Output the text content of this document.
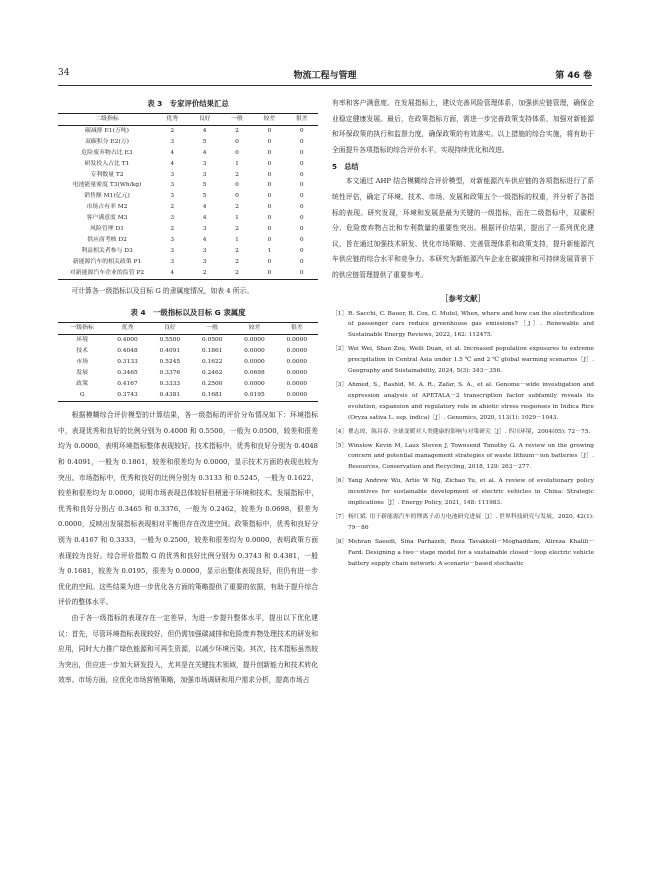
34	物流工程与管理	第 46 卷
表 3　专家评价结果汇总
二级指标	优秀	良好	一般	较差	很差
碳减排 E1(万吨)	2	4	2	0	0
双碳积分 E2(万)	3	5	0	0	0
危险废弃物占比 E3	4	4	0	0	0
研发投入占比 T1	4	3	1	0	0
专利数量 T2	3	3	2	0	0
电池能量密度 T3(Wh/kg)	3	5	0	0	0
销售额 M1(亿元)	3	5	0	0	0
市场占有率 M2	2	4	2	0	0
客户满意度 M3	3	4	1	0	0
风险管理 D1	2	3	2	0	0
供应商考核 D2	3	4	1	0	0
利益相关者参与 D3	3	3	2	1	0
新能源汽车的相关政策 P1	3	3	2	0	0
对新能源汽车企业的监管 P2	4	2	2	0	0

可计算各一级指标以及目标 G 的隶属度情况，如表 4 所示。

表 4　一级指标以及目标 G 隶属度
一级指标	优秀	良好	一般	较差	很差
环境	0.4000	0.5500	0.0500	0.0000	0.0000
技术	0.4048	0.4091	0.1861	0.0000	0.0000
市场	0.3133	0.5245	0.1622	0.0000	0.0000
发展	0.3465	0.3376	0.2462	0.0698	0.0000
政策	0.4167	0.3333	0.2500	0.0000	0.0000
G	0.3743	0.4381	0.1681	0.0195	0.0000

根据模糊综合评价模型的计算结果，各一级指标的评价分布情况如下：环境指标中，表现优秀和良好的比例分别为 0.4000 和 0.5500，一般为 0.0500，较差和很差均为 0.0000，表明环境指标整体表现较好。技术指标中，优秀和良好分别为 0.4048 和 0.4091，一般为 0.1861，较差和很差均为 0.0000，显示技术方面的表现也较为突出。市场指标中，优秀和良好的比例分别为 0.3133 和 0.5245，一般为 0.1622，较差和很差均为 0.0000，说明市场表现总体较好但稍逊于环境和技术。发展指标中，优秀和良好分别占 0.3465 和 0.3376，一般为 0.2462，较差为 0.0698，很差为 0.0000，反映出发展指标表现相对平衡但存在改进空间。政策指标中，优秀和良好分别为 0.4167 和 0.3333，一般为 0.2500，较差和很差均为 0.0000，表明政策方面表现较为良好。综合评价指数 G 的优秀和良好比例分别为 0.3743 和 0.4381，一般为 0.1681，较差为 0.0195，很差为 0.0000，显示出整体表现良好，但仍有进一步优化的空间。这些结果为进一步优化各方面的策略提供了重要的依据，有助于提升综合评价的整体水平。

由于各一级指标的表现存在一定差异，为进一步提升整体水平，提出以下优化建议：首先，尽管环境指标表现较好，但仍需加强碳减排和危险废弃物处理技术的研发和应用，同时大力推广绿色能源和可再生资源，以减少环境污染。其次，技术指标虽然较为突出，但应进一步加大研发投入，尤其是在关键技术领域，提升创新能力和技术转化效率。市场方面，应优化市场营销策略，加强市场调研和用户需求分析，提高市场占

有率和客户满意度。在发展指标上，建议完善风险管理体系，加强供应链管理，确保企业稳定健康发展。最后，在政策指标方面，需进一步完善政策支持体系，加强对新能源和环保政策的执行和监督力度，确保政策的有效落实。以上措施的综合实施，将有助于全面提升各项指标的综合评价水平，实现持续优化和改进。

5　总结

本文通过 AHP 结合模糊综合评价模型，对新能源汽车供应链的各项指标进行了系统性评估，确定了环境、技术、市场、发展和政策五个一级指标的权重，并分析了各指标的表现。研究发现，环境和发展是最为关键的一级指标，而在二级指标中，双碳积分、危险废弃物占比和专利数量的重要性突出。根据评价结果，提出了一系列优化建议，旨在通过加强技术研发、优化市场策略、完善管理体系和政策支持，提升新能源汽车供应链的综合水平和竞争力。本研究为新能源汽车企业在碳减排和可持续发展背景下的供应链管理提供了重要参考。

［参考文献］
［1］ R. Sacchi, C. Bauer, B. Cox, C. Mutel, When, where and how can the electrification of passenger cars reduce greenhouse gas emissions?［J］. Renewable and Sustainable Energy Reviews, 2022, 162: 112475.
［2］ Wei Wei, Shan Zou, Weili Duan, et al. Increased population exposures to extreme precipitation in Central Asia under 1.5 ℃ and 2 ℃ global warming scenarios［J］. Geography and Sustainability, 2024, 5(3): 343－356.
［3］ Ahmed, S., Rashid, M. A. R., Zafar, S. A., et al. Genome－wide investigation and expression analysis of APETALA－2 transcription factor subfamily reveals its evolution, expansion and regulatory role in abiotic stress responses in Indica Rice (Oryza sativa L. ssp. indica)［J］. Genomics, 2020, 113(1): 1029－1043.
［4］ 瞿志琼，陈昌春. 全球变暖对人类健康的影响与对策研究［J］. 四川环境，2004(05): 72－75.
［5］ Winslow Kevin M, Laux Steven J, Townsend Timothy G. A review on the growing concern and potential management strategies of waste lithium－ion batteries［J］. Resources, Conservation and Recycling, 2018, 129: 263－277.
［6］ Yang Andrew Wu, Artie W Ng, Zichao Yu, et al. A review of evolutionary policy incentives for sustainable development of electric vehicles in China: Strategic implications［J］. Energy Policy, 2021, 148: 111983.
［7］ 杨红斌. 用于新能源汽车的锂离子动力电池研究进展［J］. 世界科技研究与发展，2020, 42(1): 79－86
［8］ Mehran Saeedi, Sina Parhazeh, Reza Tavakkoli－Moghaddam, Alireza Khalili－Fard. Designing a two－stage model for a sustainable closed－loop electric vehicle battery supply chain network: A scenario－based stochastic
